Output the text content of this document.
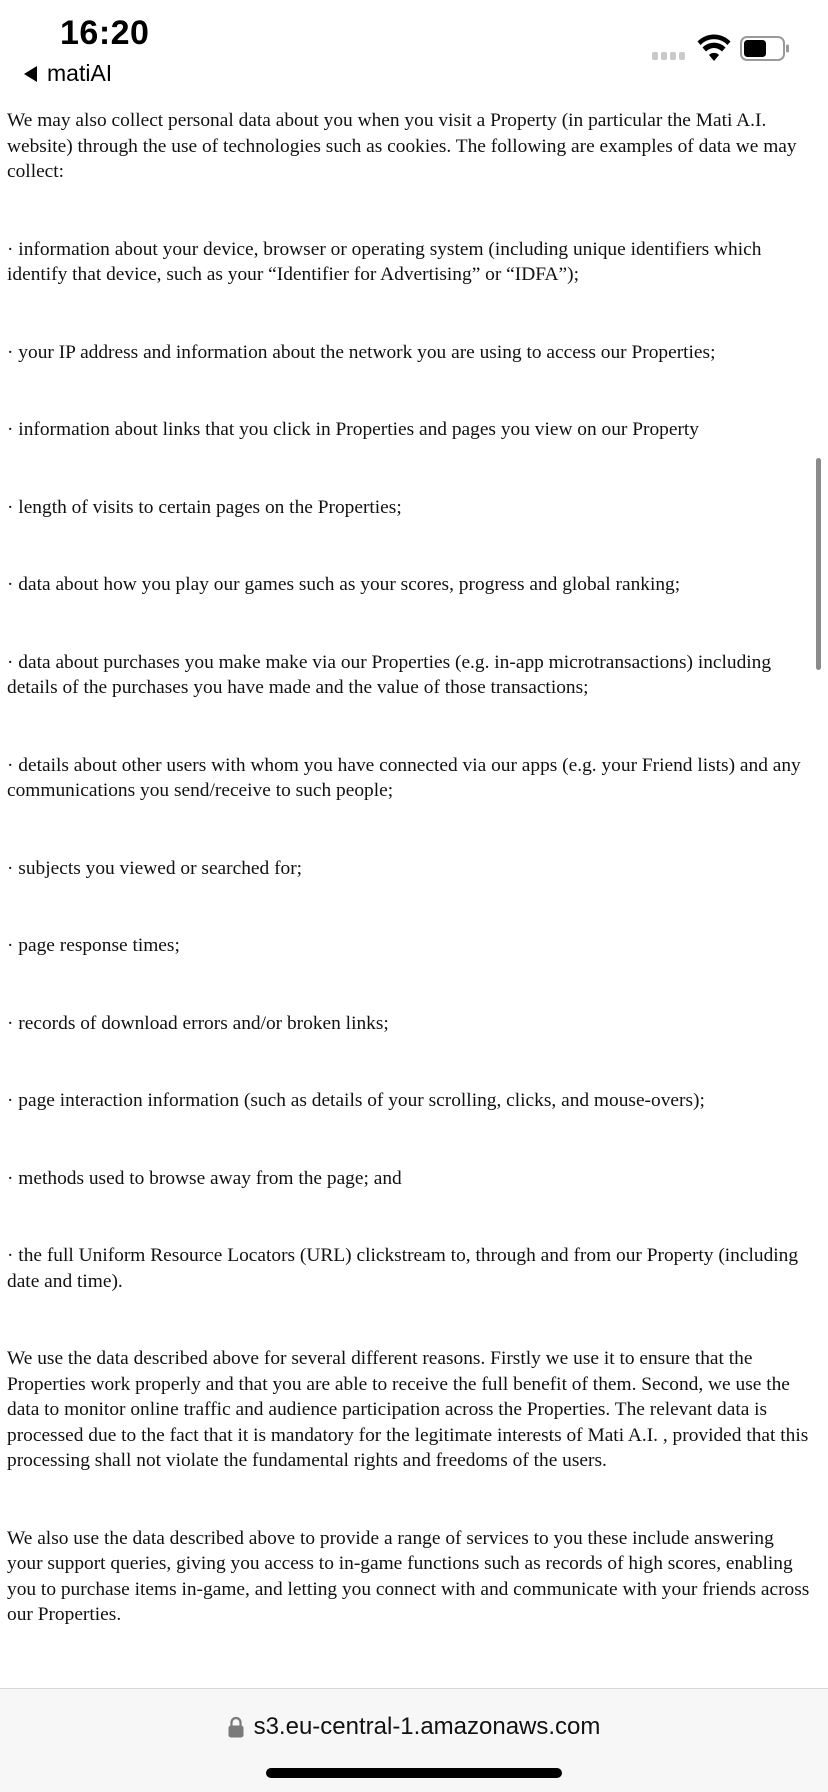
16:20
matiAI

We may also collect personal data about you when you visit a Property (in particular the Mati A.I. website) through the use of technologies such as cookies. The following are examples of data we may collect:

· information about your device, browser or operating system (including unique identifiers which identify that device, such as your “Identifier for Advertising” or “IDFA”);

· your IP address and information about the network you are using to access our Properties;

· information about links that you click in Properties and pages you view on our Property

· length of visits to certain pages on the Properties;

· data about how you play our games such as your scores, progress and global ranking;

· data about purchases you make make via our Properties (e.g. in-app microtransactions) including details of the purchases you have made and the value of those transactions;

· details about other users with whom you have connected via our apps (e.g. your Friend lists) and any communications you send/receive to such people;

· subjects you viewed or searched for;

· page response times;

· records of download errors and/or broken links;

· page interaction information (such as details of your scrolling, clicks, and mouse-overs);

· methods used to browse away from the page; and

· the full Uniform Resource Locators (URL) clickstream to, through and from our Property (including date and time).

We use the data described above for several different reasons. Firstly we use it to ensure that the Properties work properly and that you are able to receive the full benefit of them. Second, we use the data to monitor online traffic and audience participation across the Properties. The relevant data is processed due to the fact that it is mandatory for the legitimate interests of Mati A.I. , provided that this processing shall not violate the fundamental rights and freedoms of the users.

We also use the data described above to provide a range of services to you these include answering your support queries, giving you access to in-game functions such as records of high scores, enabling you to purchase items in-game, and letting you connect with and communicate with your friends across our Properties.

s3.eu-central-1.amazonaws.com
